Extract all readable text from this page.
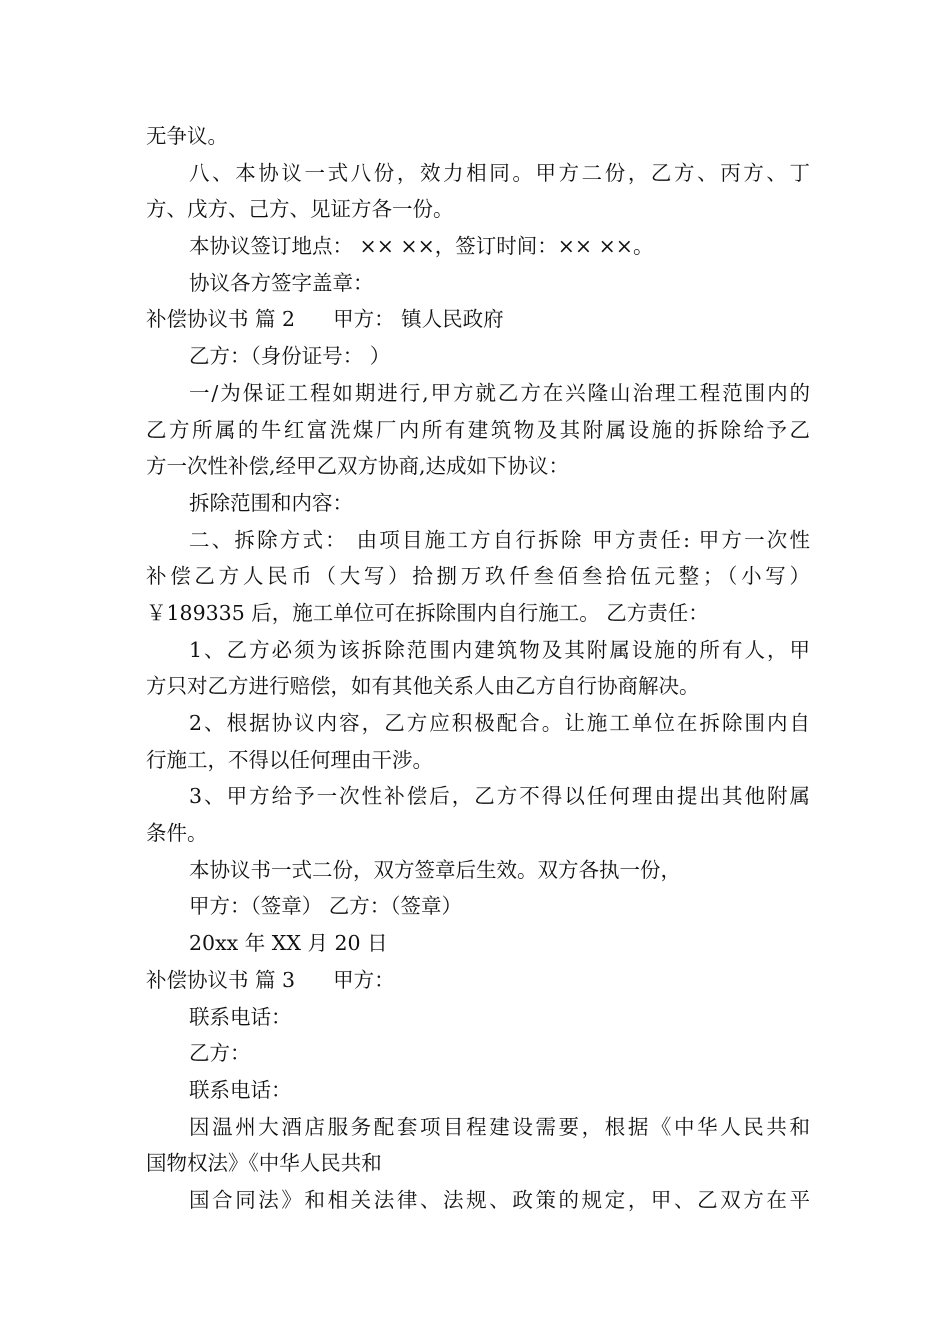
无争议。
八、本协议一式八份，效力相同。甲方二份，乙方、丙方、丁
方、戊方、己方、见证方各一份。
本协议签订地点： ×× ××，签订时间：×× ××。
协议各方签字盖章：
补偿协议书 篇 2 甲方： 镇人民政府
乙方：（身份证号： ）
一/为保证工程如期进行,甲方就乙方在兴隆山治理工程范围内的
乙方所属的牛红富洗煤厂内所有建筑物及其附属设施的拆除给予乙
方一次性补偿,经甲乙双方协商,达成如下协议：
拆除范围和内容：
二、拆除方式： 由项目施工方自行拆除 甲方责任: 甲方一次性
补偿乙方人民币（大写）拾捌万玖仟叁佰叁拾伍元整；（小写）
￥189335 后，施工单位可在拆除围内自行施工。 乙方责任：
1、乙方必须为该拆除范围内建筑物及其附属设施的所有人，甲
方只对乙方进行赔偿，如有其他关系人由乙方自行协商解决。
2、根据协议内容，乙方应积极配合。让施工单位在拆除围内自
行施工，不得以任何理由干涉。
3、甲方给予一次性补偿后，乙方不得以任何理由提出其他附属
条件。
本协议书一式二份，双方签章后生效。双方各执一份，
甲方：（签章） 乙方：（签章）
20xx 年 XX 月 20 日
补偿协议书 篇 3 甲方：
联系电话：
乙方：
联系电话：
因温州大酒店服务配套项目程建设需要，根据《中华人民共和
国物权法》《中华人民共和
国合同法》和相关法律、法规、政策的规定，甲、乙双方在平
